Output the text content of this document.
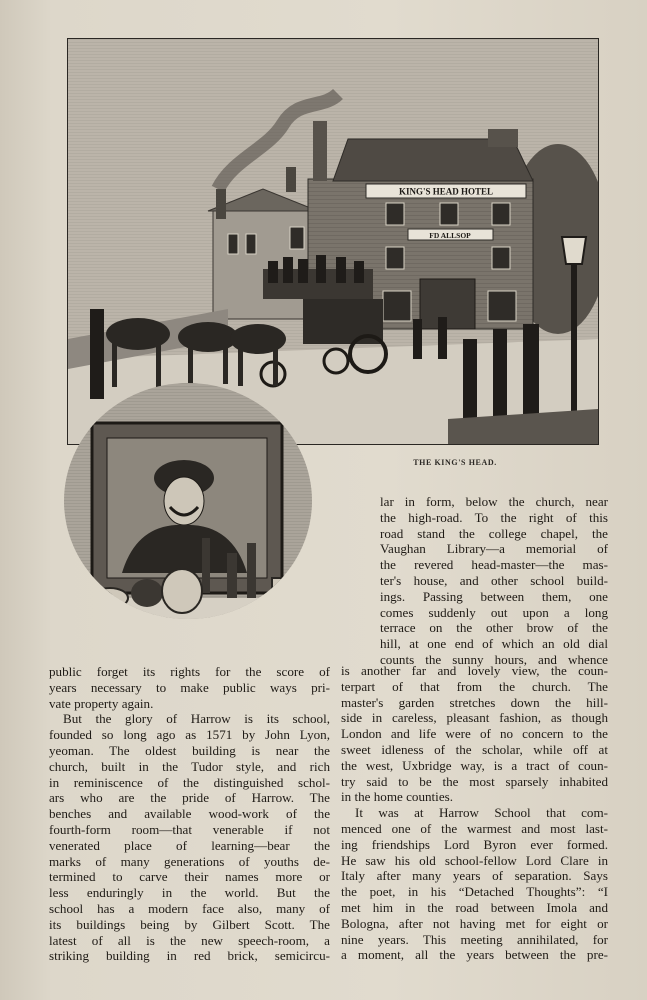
KING'S HEAD HOTEL
FD ALLSOP
THE KING'S HEAD.
lar in form, below the church, near
the high-road. To the right of this
road stand the college chapel, the
Vaughan Library—a memorial of
the revered head-master—the mas-
ter's house, and other school build-
ings. Passing between them, one
comes suddenly out upon a long
terrace on the other brow of the
hill, at one end of which an old dial
counts the sunny hours, and whence
public forget its rights for the score of
years necessary to make public ways pri-
vate property again.
But the glory of Harrow is its school,
founded so long ago as 1571 by John Lyon,
yeoman. The oldest building is near the
church, built in the Tudor style, and rich
in reminiscence of the distinguished schol-
ars who are the pride of Harrow. The
benches and available wood-work of the
fourth-form room—that venerable if not
venerated place of learning—bear the
marks of many generations of youths de-
termined to carve their names more or
less enduringly in the world. But the
school has a modern face also, many of
its buildings being by Gilbert Scott. The
latest of all is the new speech-room, a
striking building in red brick, semicircu-
is another far and lovely view, the coun-
terpart of that from the church. The
master's garden stretches down the hill-
side in careless, pleasant fashion, as though
London and life were of no concern to the
sweet idleness of the scholar, while off at
the west, Uxbridge way, is a tract of coun-
try said to be the most sparsely inhabited
in the home counties.
It was at Harrow School that com-
menced one of the warmest and most last-
ing friendships Lord Byron ever formed.
He saw his old school-fellow Lord Clare in
Italy after many years of separation. Says
the poet, in his “Detached Thoughts”: “I
met him in the road between Imola and
Bologna, after not having met for eight or
nine years. This meeting annihilated, for
a moment, all the years between the pre-
